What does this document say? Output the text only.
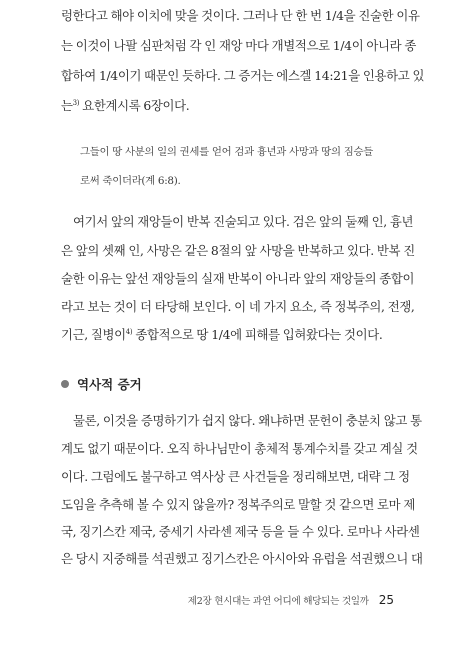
렁한다고 해야 이치에 맞을 것이다. 그러나 단 한 번 1/4을 진술한 이유
는 이것이 나팔 심판처럼 각 인 재앙 마다 개별적으로 1/4이 아니라 종
합하여 1/4이기 때문인 듯하다. 그 증거는 에스겔 14:21을 인용하고 있
는$^{3)}$ 요한계시록 6장이다.
그들이 땅 사분의 일의 권세를 얻어 검과 흉년과 사망과 땅의 짐승들
로써 죽이더라(계 6:8).
여기서 앞의 재앙들이 반복 진술되고 있다. 검은 앞의 둘째 인, 흉년
은 앞의 셋째 인, 사망은 같은 8절의 앞 사망을 반복하고 있다. 반복 진
술한 이유는 앞선 재앙들의 실재 반복이 아니라 앞의 재앙들의 종합이
라고 보는 것이 더 타당해 보인다. 이 네 가지 요소, 즉 정복주의, 전쟁,
기근, 질병이$^{4)}$ 종합적으로 땅 1/4에 피해를 입혀왔다는 것이다.
역사적 증거
물론, 이것을 증명하기가 쉽지 않다. 왜냐하면 문헌이 충분치 않고 통
계도 없기 때문이다. 오직 하나님만이 총체적 통계수치를 갖고 계실 것
이다. 그럼에도 불구하고 역사상 큰 사건들을 정리해보면, 대략 그 정
도임을 추측해 볼 수 있지 않을까? 정복주의로 말할 것 같으면 로마 제
국, 징기스칸 제국, 중세기 사라센 제국 등을 들 수 있다. 로마나 사라센
은 당시 지중해를 석권했고 징기스칸은 아시아와 유럽을 석권했으니 대
제2장 현시대는 과연 어디에 해당되는 것일까 25
